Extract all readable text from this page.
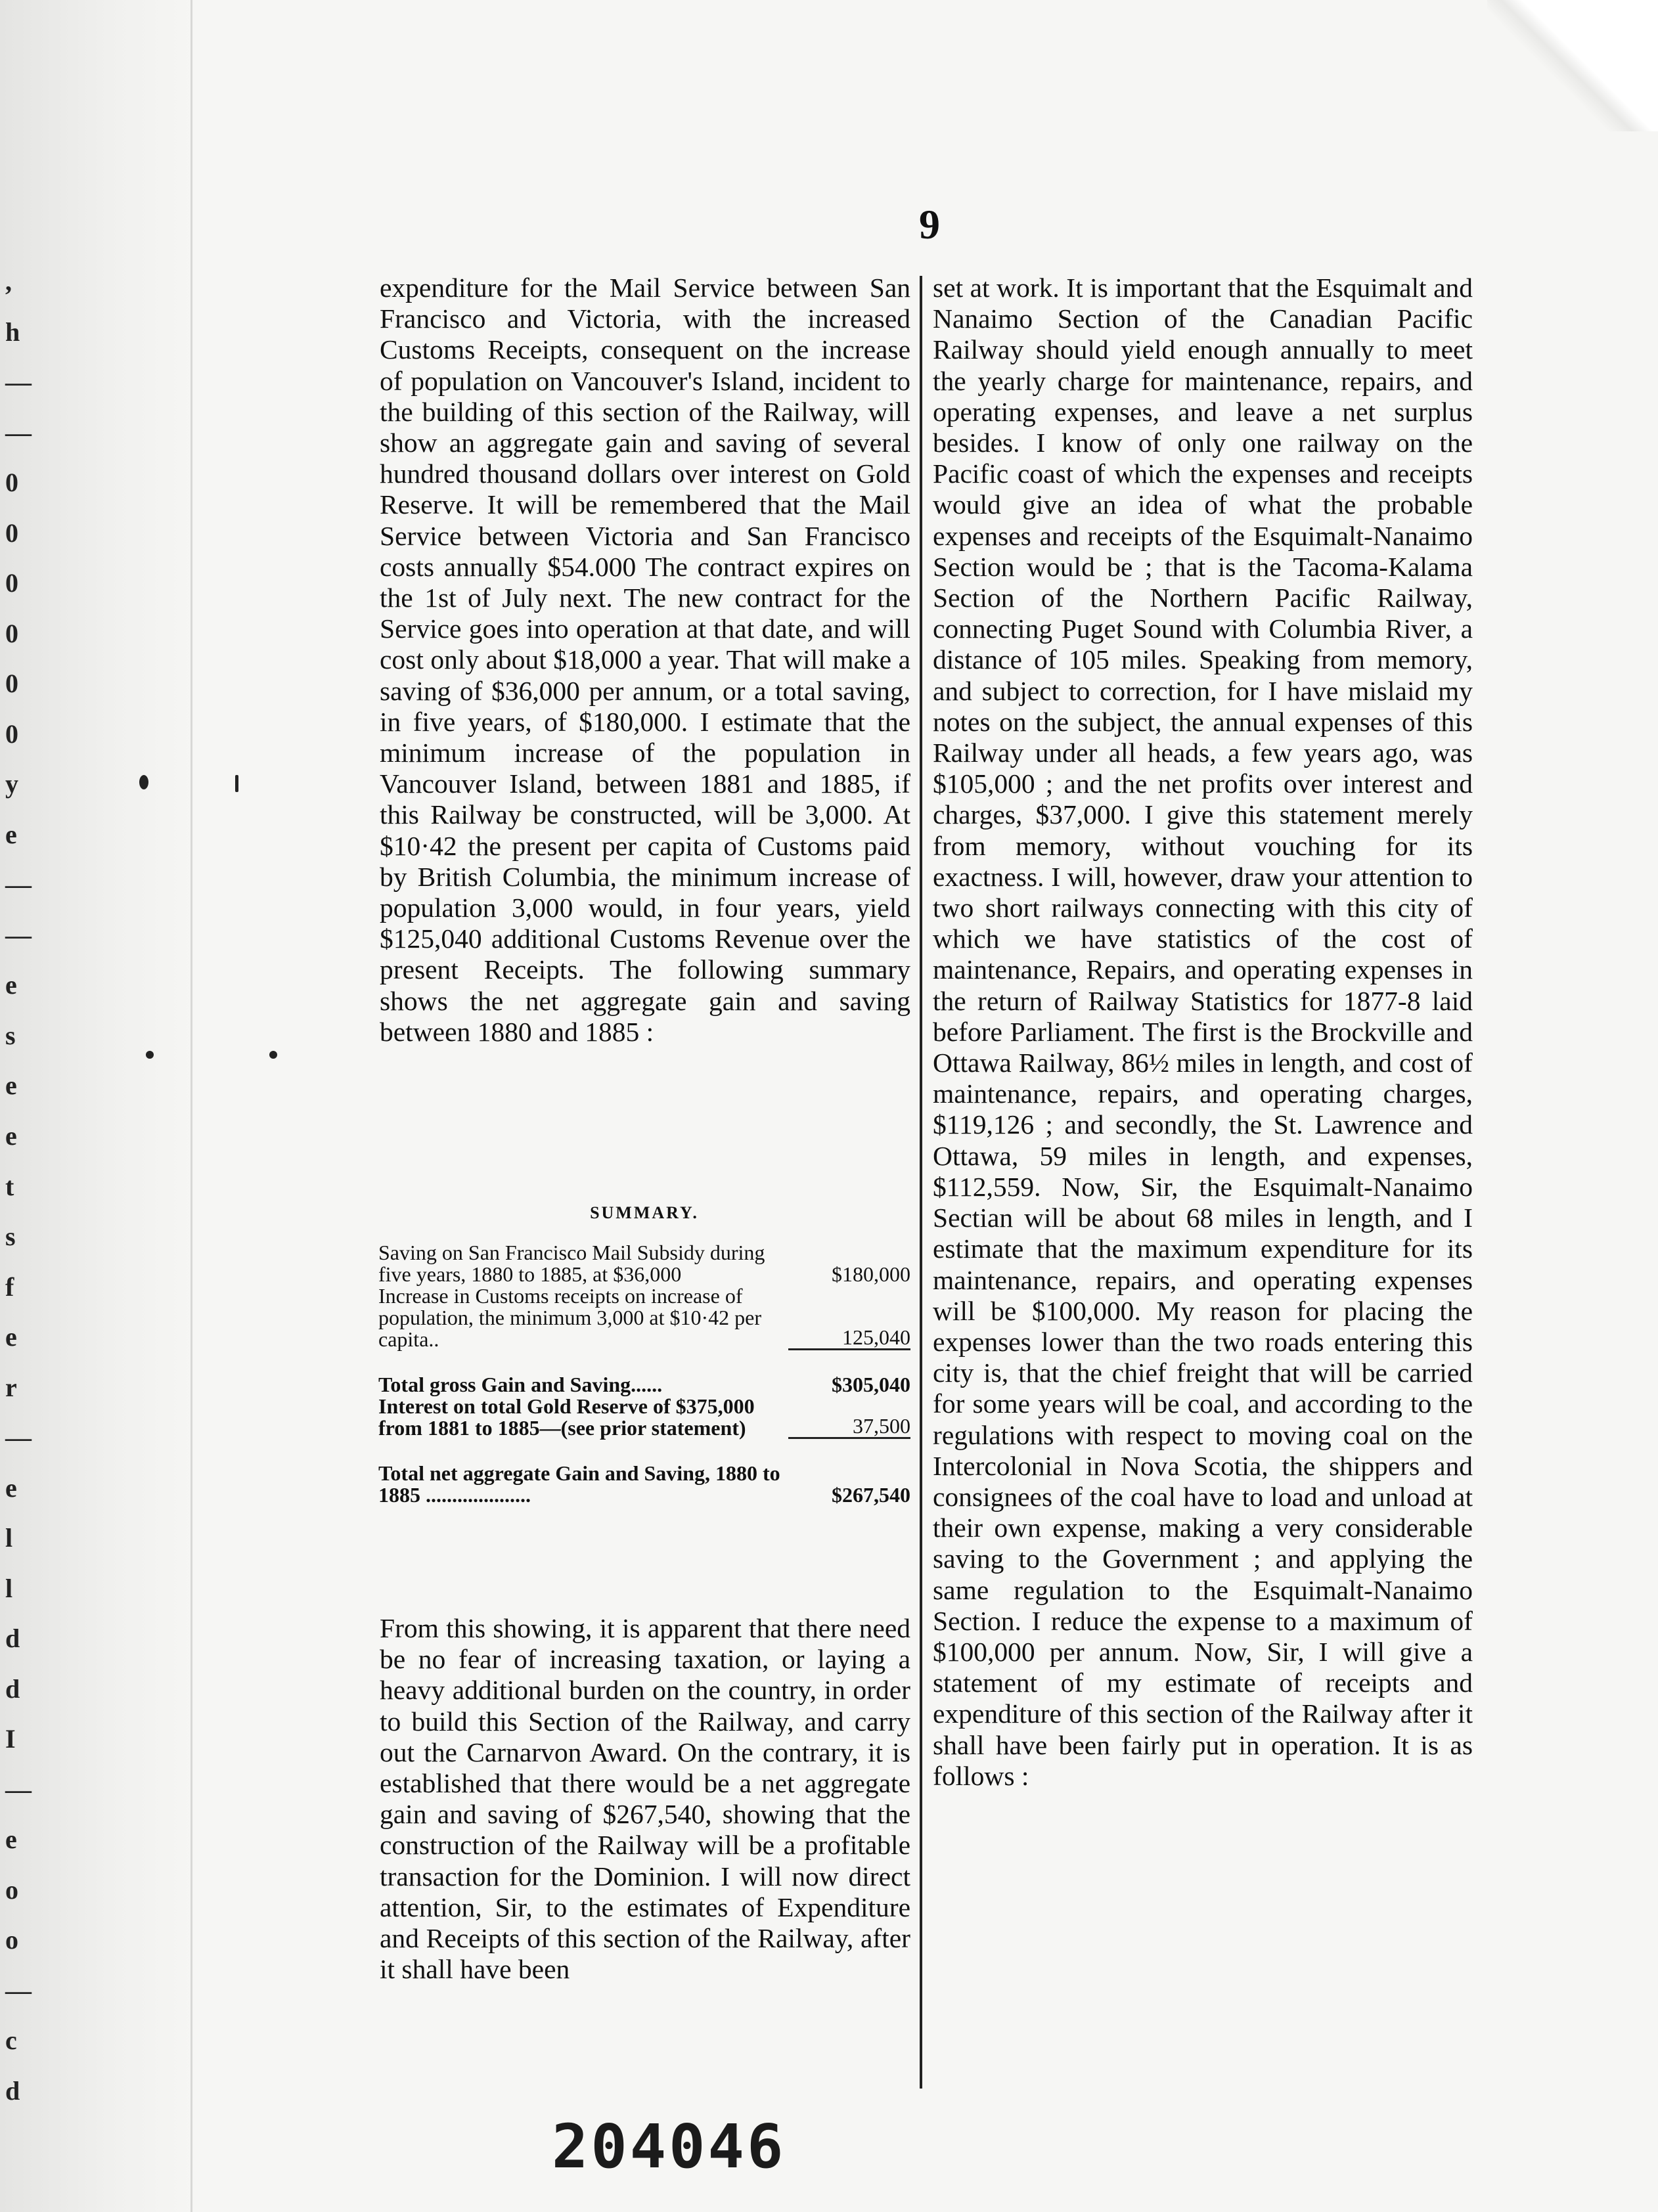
,
h
—
—
0
0
0
0
0
0
y
e
—
—
e
s
e
e
t
s
f
e
r
—
e
l
l
d
d
I
—
e
o
o
—
c
d
9

expenditure for the Mail Service between San Francisco and Victoria, with the increased Customs Receipts, consequent on the increase of population on Vancouver's Island, incident to the building of this section of the Railway, will show an aggregate gain and saving of several hundred thousand dollars over interest on Gold Reserve. It will be remembered that the Mail Service between Victoria and San Francisco costs annually $54.000 The contract expires on the 1st of July next. The new contract for the Service goes into operation at that date, and will cost only about $18,000 a year. That will make a saving of $36,000 per annum, or a total saving, in five years, of $180,000. I estimate that the minimum increase of the population in Vancouver Island, between 1881 and 1885, if this Railway be constructed, will be 3,000. At $10·42 the present per capita of Customs paid by British Columbia, the minimum increase of population 3,000 would, in four years, yield $125,040 additional Customs Revenue over the present Receipts. The following summary shows the net aggregate gain and saving between 1880 and 1885 :

SUMMARY.
Saving on San Francisco Mail Subsidy during five years, 1880 to 1885, at $36,000	$180,000
Increase in Customs receipts on increase of population, the minimum 3,000 at $10·42 per capita..	125,040
Total gross Gain and Saving......	$305,040
Interest on total Gold Reserve of $375,000 from 1881 to 1885—(see prior statement)	37,500
Total net aggregate Gain and Saving, 1880 to 1885 ....................	$267,540

From this showing, it is apparent that there need be no fear of increasing taxation, or laying a heavy additional burden on the country, in order to build this Section of the Railway, and carry out the Carnarvon Award. On the contrary, it is established that there would be a net aggregate gain and saving of $267,540, showing that the construction of the Railway will be a profitable transaction for the Dominion. I will now direct attention, Sir, to the estimates of Expenditure and Receipts of this section of the Railway, after it shall have been

set at work. It is important that the Esquimalt and Nanaimo Section of the Canadian Pacific Railway should yield enough annually to meet the yearly charge for maintenance, repairs, and operating expenses, and leave a net surplus besides. I know of only one railway on the Pacific coast of which the expenses and receipts would give an idea of what the probable expenses and receipts of the Esquimalt-Nanaimo Section would be ; that is the Tacoma-Kalama Section of the Northern Pacific Railway, connecting Puget Sound with Columbia River, a distance of 105 miles. Speaking from memory, and subject to correction, for I have mislaid my notes on the subject, the annual expenses of this Railway under all heads, a few years ago, was $105,000 ; and the net profits over interest and charges, $37,000. I give this statement merely from memory, without vouching for its exactness. I will, however, draw your attention to two short railways connecting with this city of which we have statistics of the cost of maintenance, Repairs, and operating expenses in the return of Railway Statistics for 1877-8 laid before Parliament. The first is the Brockville and Ottawa Railway, 86½ miles in length, and cost of maintenance, repairs, and operating charges, $119,126 ; and secondly, the St. Lawrence and Ottawa, 59 miles in length, and expenses, $112,559. Now, Sir, the Esquimalt-Nanaimo Sectian will be about 68 miles in length, and I estimate that the maximum expenditure for its maintenance, repairs, and operating expenses will be $100,000. My reason for placing the expenses lower than the two roads entering this city is, that the chief freight that will be carried for some years will be coal, and according to the regulations with respect to moving coal on the Intercolonial in Nova Scotia, the shippers and consignees of the coal have to load and unload at their own expense, making a very considerable saving to the Government ; and applying the same regulation to the Esquimalt-Nanaimo Section. I reduce the expense to a maximum of $100,000 per annum. Now, Sir, I will give a statement of my estimate of receipts and expenditure of this section of the Railway after it shall have been fairly put in operation. It is as follows :

204046
